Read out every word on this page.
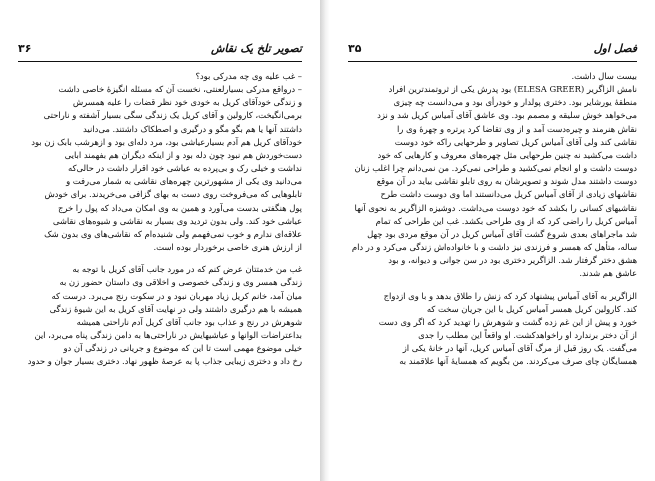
تصویر تلخ یک نقاش
۳۶
– غب علیه وی چه مدرکی بود؟
– درواقع مدرکی بسیارلعنتی، نخست آن که مسئله انگیزهٔ خاصی داشت
و زندگی خودآقای کریل به خودی خود نظر قضات را علیه همسرش
برمی‌انگیخت، کارولین و آقای کریل یک زندگی سگی بسیار آشفته و ناراحتی
داشتند آنها یا هم بگو مگو و درگیری و اصطکاک داشتند. می‌دانید
خودآقای کریل هم آدم بسیارعیاشی بود، مرد دله‌ای بود و ازهرشب بابک زن بود
دست‌خوردش هم نبود چون دله بود و از اینکه دیگران هم بفهمند ابایی
نداشت و خیلی رک و بی‌پرده به عیاشی خود اقرار داشت در حالی‌که
می‌دانید وی یکی از مشهورترین چهره‌های نقاشی به شمار می‌رفت و
تابلوهایی که می‌فروخت روی دست به بهای گزافی می‌خریدند. برای خودش
پول هنگفتی بدست می‌آورد و همین به وی امکان می‌داد که پول را خرج
عیاشی خود کند. ولی بدون تردید وی بسیار به نقاشی و شیوه‌های نقاشی
علاقه‌ای ندارم و خوب نمی‌فهمم ولی شنیده‌ام که نقاشی‌های وی بدون شک
از ارزش هنری خاصی برخوردار بوده است.
غب من خدمتتان عرض کنم که در مورد جانب آقای کریل با توجه به
زندگی همسر وی و زندگی خصوصی و اخلاقی وی داستان حضور زن به
میان آمد، خانم کریل زیاد مهربان نبود و در سکوت رنج می‌برد. درست که
همیشه با هم درگیری داشتند ولی در نهایت آقای کریل به این شیوهٔ زندگی
شوهرش در رنج و عذاب بود جانب آقای کریل آدم ناراحتی همیشه
بداعتراضات الوانها و عیاشیهایش در ناراحتی‌ها به دامن زندگی پناه می‌برد، این
خیلی موضوع مهمی است تا این که موضوع و جریانی در زندگی آن دو
رخ داد و دختری زیبایی جذاب پا به عرصهٔ ظهور نهاد. دختری بسیار جوان و حدود
فصل اول
۳۵
بیست سال داشت.
نامش الزاگریر (ELESA GREER) بود پدرش یکی از ثروتمندترین افراد
منطقهٔ یورشایر بود. دختری پولدار و خودرأی بود و می‌دانست چه چیزی
می‌خواهد خوش سلیقه و مصمم بود. وی عاشق آقای آمیاس کریل شد و نزد
نقاش هنرمند و چیره‌دست آمد و از وی تقاضا کرد پرتره و چهرهٔ وی را
نقاشی کند ولی آقای آمیاس کریل تصاویر و طرحهایی راکه خود دوست
داشت می‌کشید نه چنین طرحهایی مثل چهره‌های معروف و کارهایی که خود
دوست داشت و او انجام نمی‌کشید و طراحی نمی‌کرد. من نمی‌دانم چرا اغلب زنان
دوست داشتند مدل شوند و تصویرشان به روی تابلو نقاشی بیاید در آن موقع
نقاشهای زیادی از آقای آمیاس کریل می‌دانستند اما وی دوست داشت طرح
نقاشیهای کسانی را بکشد که خود دوست می‌داشت. دوشیزه الزاگریر به نحوی آنها
آمیاس کریل را راضی کرد که از وی طراحی بکشد. غب این طراحی که تمام
شد ماجراهای بعدی شروع گشت آقای آمیاس کریل در آن موقع مردی بود چهل
ساله، متأهل که همسر و فرزندی نیز داشت و با خانواده‌اش زندگی می‌کرد و در دام
هشق دختر گرفتار شد. الزاگریر دختری بود در سن جوانی و دیوانه، و بود
عاشق هم شدند.
الزاگریر به آقای آمیاس پیشنهاد کرد که زنش را طلاق بدهد و با وی ازدواج
کند. کارولین کریل همسر آمیاس کریل با این جریان سخت که
خورد و پیش از این غم زده گشت و شوهرش را تهدید کرد که اگر وی دست
از آن دختر برندارد او راخواهدکشت. او واقعاً این مطلب را جدی
می‌گفت. یک روز قبل از مرگ آقای آمیاس کریل، آنها در خانهٔ یکی از
همسایگان چای صرف می‌کردند. من بگویم که همسایهٔ آنها علاقمند به
